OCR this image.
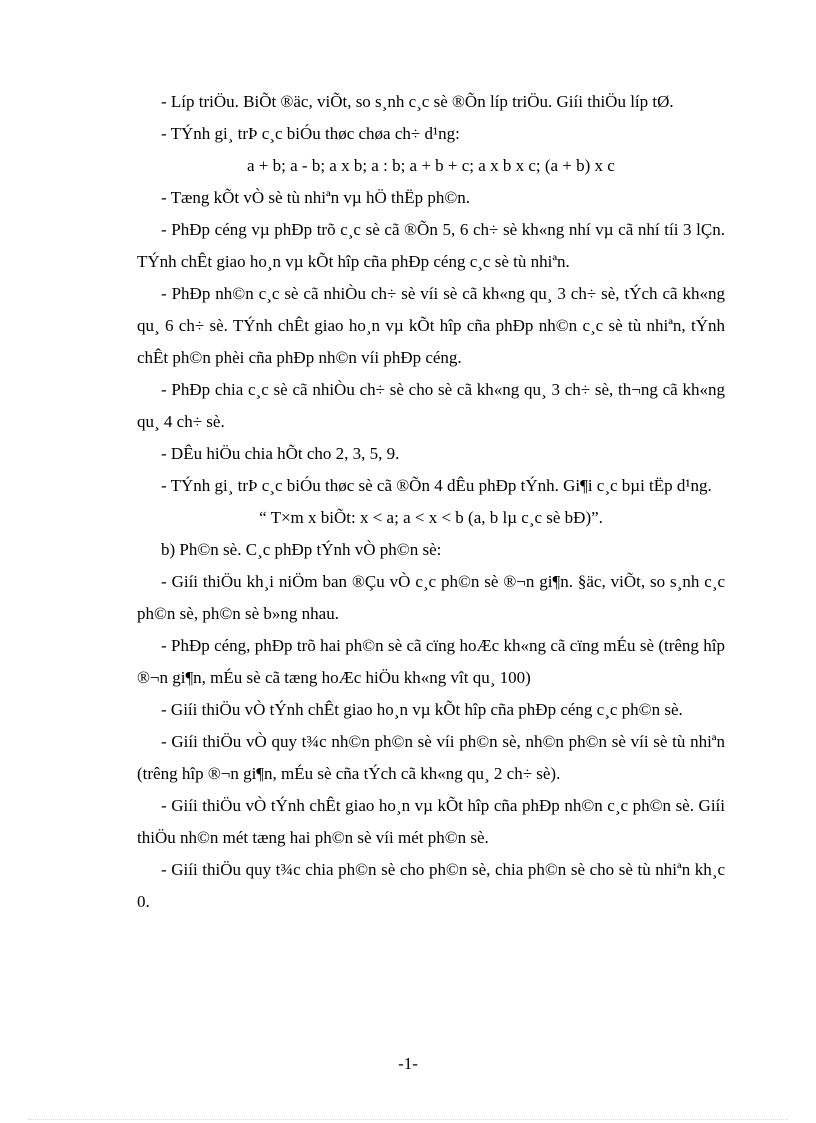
- Líp triÖu. BiÕt ®äc, viÕt, so s¸nh c¸c sè ®Õn líp triÖu. Giíi thiÖu líp tØ.

- TÝnh gi¸ trÞ c¸c biÓu thøc chøa ch÷ d¹ng:

a + b; a - b; a x b; a : b; a + b + c; a x b x c; (a + b) x c

- Tæng kÕt vÒ sè tù nhiªn vµ hÖ thËp ph©n.

- PhÐp céng vµ phÐp trõ c¸c sè cã ®Õn 5, 6 ch÷ sè kh«ng nhí vµ cã nhí tíi 3 lÇn. TÝnh chÊt giao ho¸n vµ kÕt hîp cña phÐp céng c¸c sè tù nhiªn.

- PhÐp nh©n c¸c sè cã nhiÒu ch÷ sè víi sè cã kh«ng qu¸ 3 ch÷ sè, tÝch cã kh«ng qu¸ 6 ch÷ sè. TÝnh chÊt giao ho¸n vµ kÕt hîp cña phÐp nh©n c¸c sè tù nhiªn, tÝnh chÊt ph©n phèi cña phÐp nh©n víi phÐp céng.

- PhÐp chia c¸c sè cã nhiÒu ch÷ sè cho sè cã kh«ng qu¸ 3 ch÷ sè, th¬ng cã kh«ng qu¸ 4 ch÷ sè.

- DÊu hiÖu chia hÕt cho 2, 3, 5, 9.

- TÝnh gi¸ trÞ c¸c biÓu thøc sè cã ®Õn 4 dÊu phÐp tÝnh. Gi¶i c¸c bµi tËp d¹ng.

“ T×m x biÕt: x < a; a < x < b (a, b lµ c¸c sè bÐ)”.

b) Ph©n sè. C¸c phÐp tÝnh vÒ ph©n sè:

- Giíi thiÖu kh¸i niÖm ban ®Çu vÒ c¸c ph©n sè ®¬n gi¶n. §äc, viÕt, so s¸nh c¸c ph©n sè, ph©n sè b»ng nhau.

- PhÐp céng, phÐp trõ hai ph©n sè cã cïng hoÆc kh«ng cã cïng mÉu sè (trêng hîp ®¬n gi¶n, mÉu sè cã tæng hoÆc hiÖu kh«ng vît qu¸ 100)

- Giíi thiÖu vÒ tÝnh chÊt giao ho¸n vµ kÕt hîp cña phÐp céng c¸c ph©n sè.

- Giíi thiÖu vÒ quy t¾c nh©n ph©n sè víi ph©n sè, nh©n ph©n sè víi sè tù nhiªn (trêng hîp ®¬n gi¶n, mÉu sè cña tÝch cã kh«ng qu¸ 2 ch÷ sè).

- Giíi thiÖu vÒ tÝnh chÊt giao ho¸n vµ kÕt hîp cña phÐp nh©n c¸c ph©n sè. Giíi thiÖu nh©n mét tæng hai ph©n sè víi mét ph©n sè.

- Giíi thiÖu quy t¾c chia ph©n sè cho ph©n sè, chia ph©n sè cho sè tù nhiªn kh¸c 0.

-1-
